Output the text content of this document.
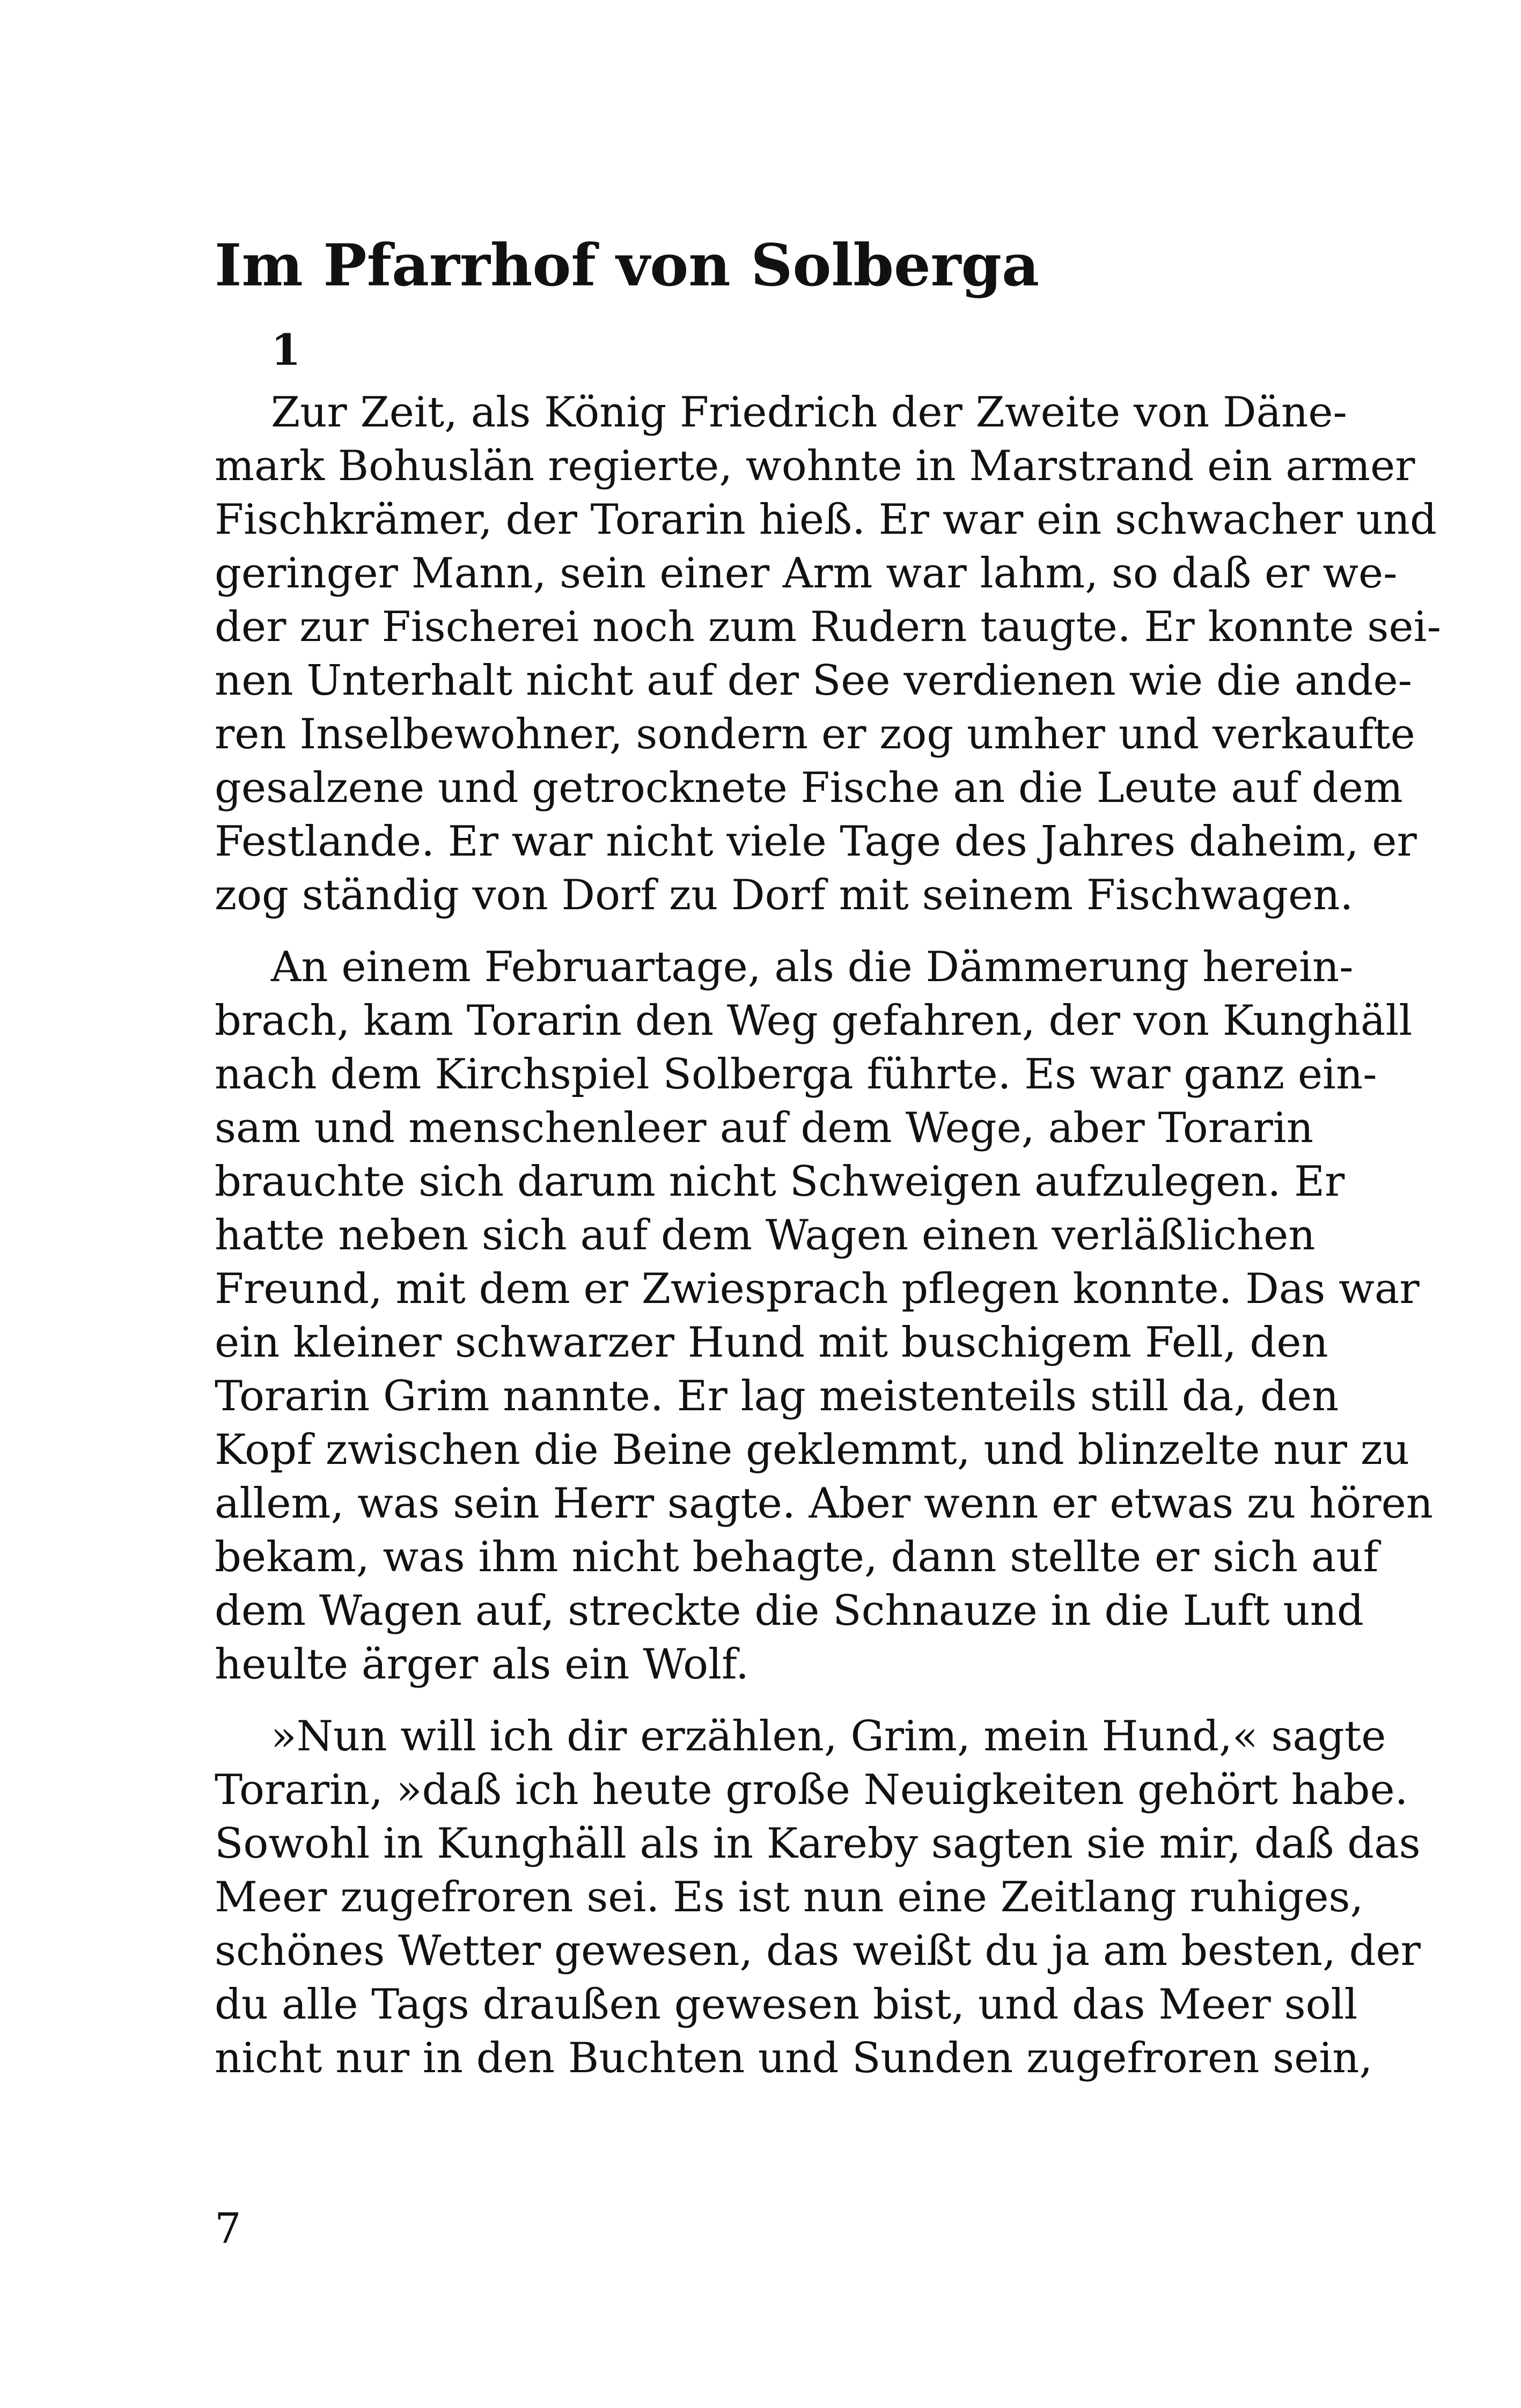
Im Pfarrhof von Solberga
1

Zur Zeit, als König Friedrich der Zweite von Däne-
mark Bohuslän regierte, wohnte in Marstrand ein armer
Fischkrämer, der Torarin hieß. Er war ein schwacher und
geringer Mann, sein einer Arm war lahm, so daß er we-
der zur Fischerei noch zum Rudern taugte. Er konnte sei-
nen Unterhalt nicht auf der See verdienen wie die ande-
ren Inselbewohner, sondern er zog umher und verkaufte
gesalzene und getrocknete Fische an die Leute auf dem
Festlande. Er war nicht viele Tage des Jahres daheim, er
zog ständig von Dorf zu Dorf mit seinem Fischwagen.

An einem Februartage, als die Dämmerung herein-
brach, kam Torarin den Weg gefahren, der von Kunghäll
nach dem Kirchspiel Solberga führte. Es war ganz ein-
sam und menschenleer auf dem Wege, aber Torarin
brauchte sich darum nicht Schweigen aufzulegen. Er
hatte neben sich auf dem Wagen einen verläßlichen
Freund, mit dem er Zwiesprach pflegen konnte. Das war
ein kleiner schwarzer Hund mit buschigem Fell, den
Torarin Grim nannte. Er lag meistenteils still da, den
Kopf zwischen die Beine geklemmt, und blinzelte nur zu
allem, was sein Herr sagte. Aber wenn er etwas zu hören
bekam, was ihm nicht behagte, dann stellte er sich auf
dem Wagen auf, streckte die Schnauze in die Luft und
heulte ärger als ein Wolf.

»Nun will ich dir erzählen, Grim, mein Hund,« sagte
Torarin, »daß ich heute große Neuigkeiten gehört habe.
Sowohl in Kunghäll als in Kareby sagten sie mir, daß das
Meer zugefroren sei. Es ist nun eine Zeitlang ruhiges,
schönes Wetter gewesen, das weißt du ja am besten, der
du alle Tags draußen gewesen bist, und das Meer soll
nicht nur in den Buchten und Sunden zugefroren sein,

7
